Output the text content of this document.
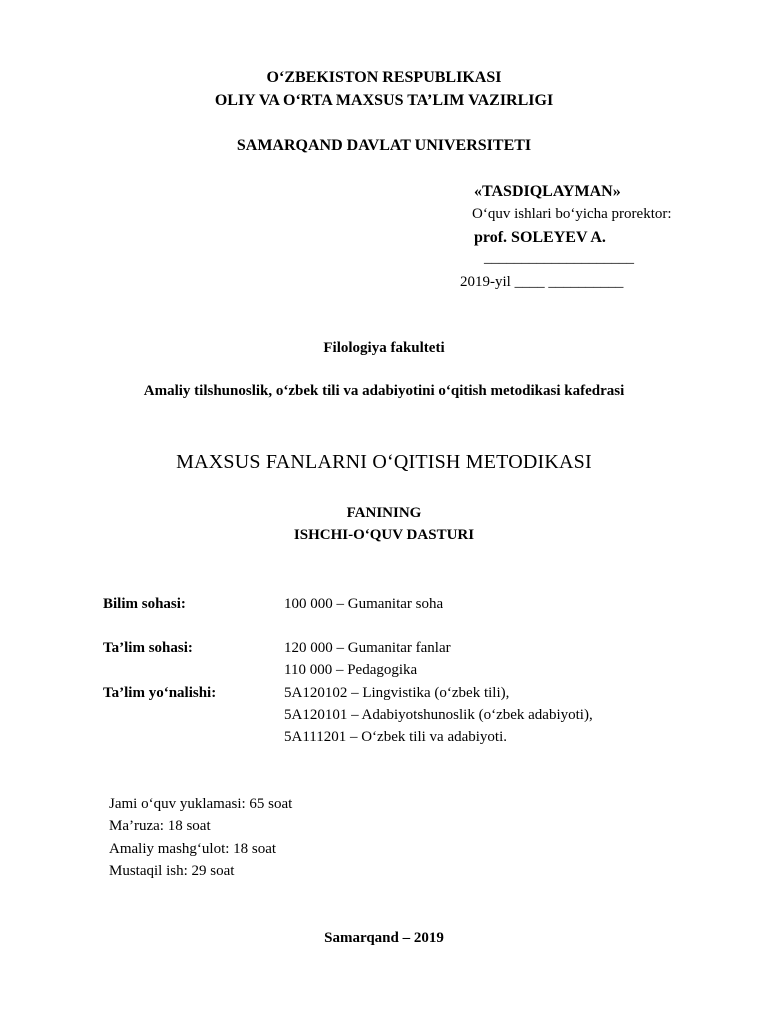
O‘ZBEKISTON RESPUBLIKASI
OLIY VA O‘RTA MAXSUS TA’LIM VAZIRLIGI
SAMARQAND DAVLAT UNIVERSITETI
«TASDIQLAYMAN»
O‘quv ishlari bo‘yicha prorektor:
prof. SOLEYEV A.
____________________
2019-yil ____ __________
Filologiya fakulteti
Amaliy tilshunoslik, o‘zbek tili va adabiyotini o‘qitish metodikasi kafedrasi
MAXSUS FANLARNI O‘QITISH METODIKASI
FANINING
ISHCHI-O‘QUV DASTURI
Bilim sohasi:	100 000 – Gumanitar soha
Ta’lim sohasi:	120 000 – Gumanitar fanlar
110 000 – Pedagogika
Ta’lim yo‘nalishi:	5A120102 – Lingvistika (o‘zbek tili),
5A120101 – Adabiyotshunoslik (o‘zbek adabiyoti),
5A111201 – O‘zbek tili va adabiyoti.
Jami o‘quv yuklamasi: 65 soat
Ma’ruza: 18 soat
Amaliy mashg‘ulot: 18 soat
Mustaqil ish: 29 soat
Samarqand – 2019
